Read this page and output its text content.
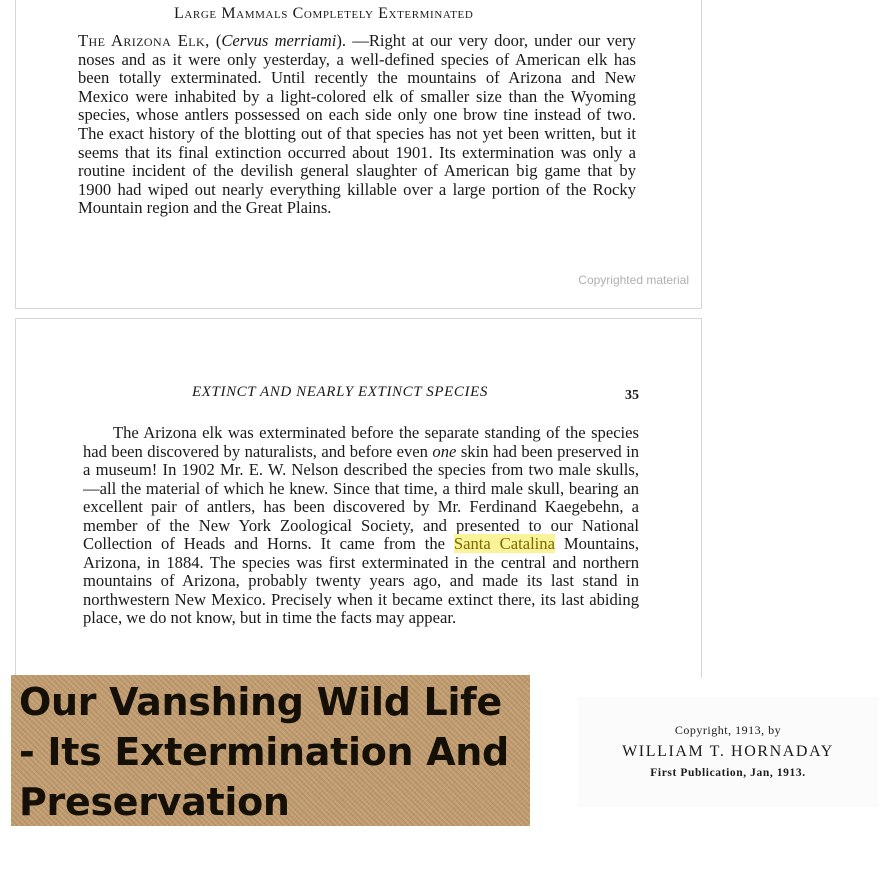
Large Mammals Completely Exterminated

The Arizona Elk, (Cervus merriami). —Right at our very door, under our very noses and as it were only yesterday, a well-defined species of American elk has been totally exterminated. Until recently the mountains of Arizona and New Mexico were inhabited by a light-colored elk of smaller size than the Wyoming species, whose antlers possessed on each side only one brow tine instead of two. The exact history of the blotting out of that species has not yet been written, but it seems that its final extinction occurred about 1901. Its extermination was only a routine incident of the devilish general slaughter of American big game that by 1900 had wiped out nearly everything killable over a large portion of the Rocky Mountain region and the Great Plains.

Copyrighted material
EXTINCT AND NEARLY EXTINCT SPECIES	35

The Arizona elk was exterminated before the separate standing of the species had been discovered by naturalists, and before even one skin had been preserved in a museum! In 1902 Mr. E. W. Nelson described the species from two male skulls,—all the material of which he knew. Since that time, a third male skull, bearing an excellent pair of antlers, has been discovered by Mr. Ferdinand Kaegebehn, a member of the New York Zoological Society, and presented to our National Collection of Heads and Horns. It came from the Santa Catalina Mountains, Arizona, in 1884. The species was first exterminated in the central and northern mountains of Arizona, probably twenty years ago, and made its last stand in northwestern New Mexico. Precisely when it became extinct there, its last abiding place, we do not know, but in time the facts may appear.

Our Vanshing Wild Life - Its Extermination And Preservation

Copyright, 1913, by
WILLIAM T. HORNADAY
First Publication, Jan, 1913.
